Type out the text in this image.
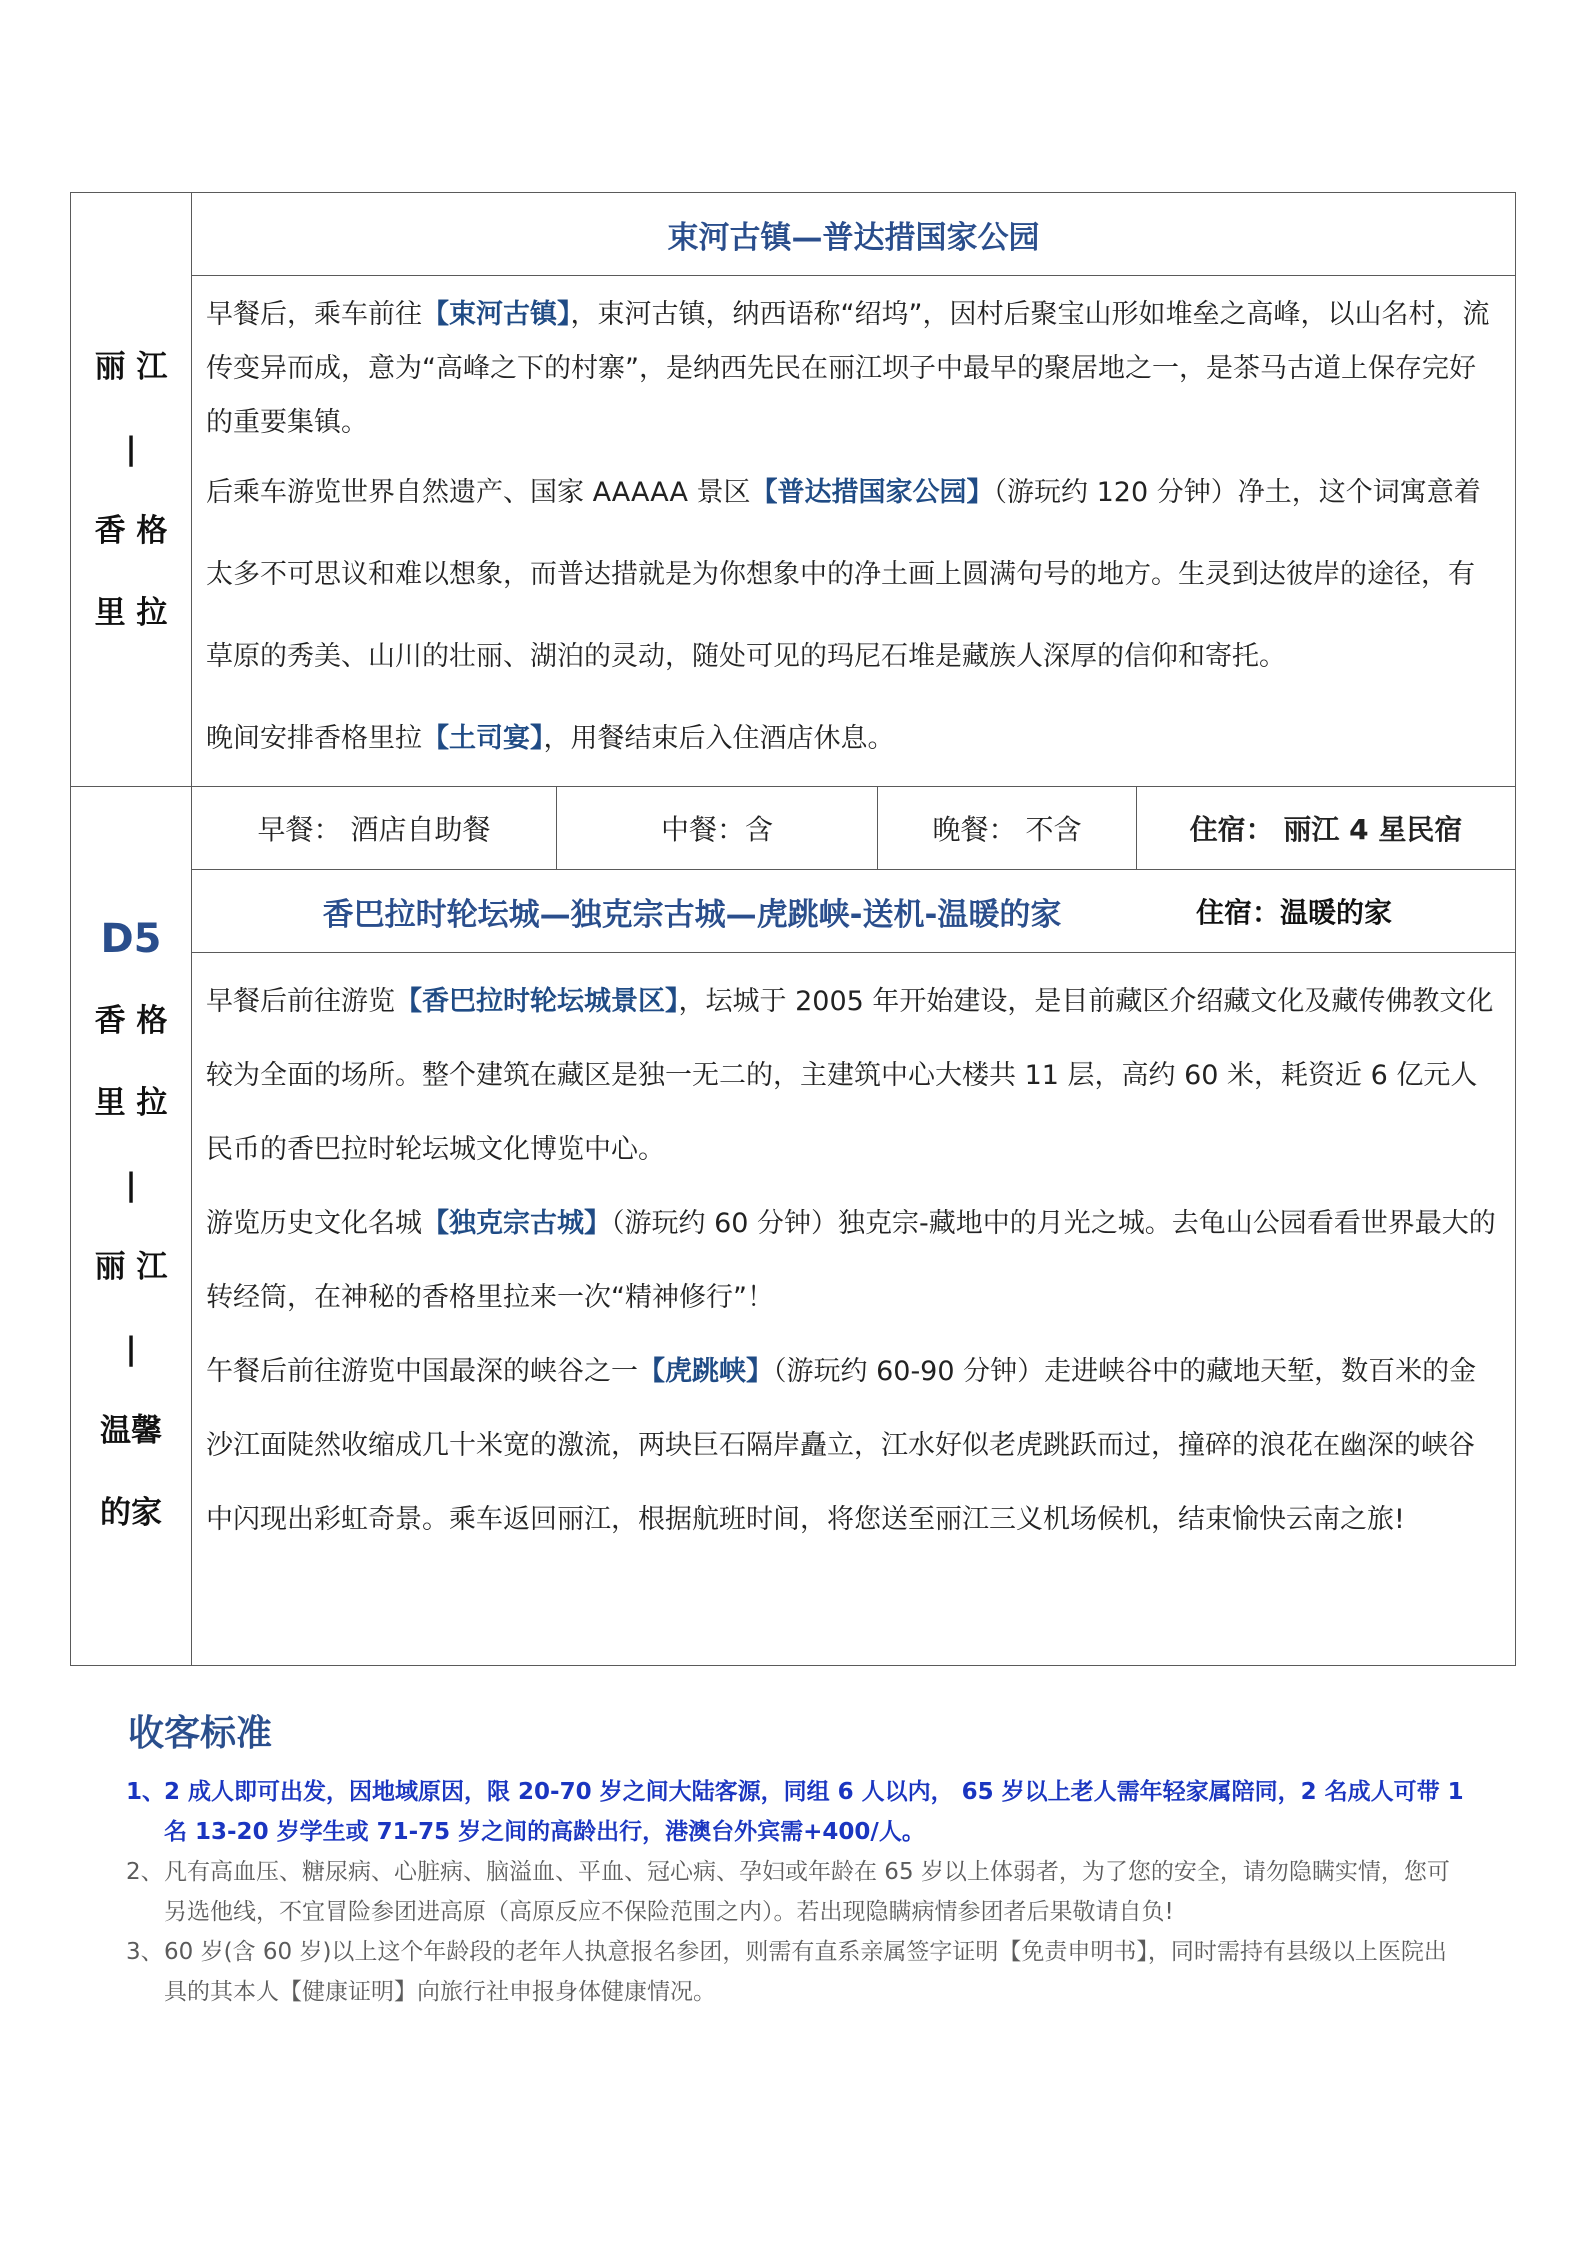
丽 江
|
香 格
里 拉
	束河古镇—普达措国家公园

早餐后，乘车前往【束河古镇】，束河古镇，纳西语称“绍坞”，因村后聚宝山形如堆垒之高峰，以山名村，流传变异而成，意为“高峰之下的村寨”，是纳西先民在丽江坝子中最早的聚居地之一，是茶马古道上保存完好的重要集镇。

后乘车游览世界自然遗产、国家 AAAAA 景区【普达措国家公园】（游玩约 120 分钟）净土，这个词寓意着太多不可思议和难以想象，而普达措就是为你想象中的净土画上圆满句号的地方。生灵到达彼岸的途径，有草原的秀美、山川的壮丽、湖泊的灵动，随处可见的玛尼石堆是藏族人深厚的信仰和寄托。

晚间安排香格里拉【土司宴】，用餐结束后入住酒店休息。

D5
香 格
里 拉
|
丽 江
|
温馨
的家

早餐： 酒店自助餐	中餐：含	晚餐： 不含	住宿： 丽江 4 星民宿

香巴拉时轮坛城—独克宗古城—虎跳峡-送机-温暖的家	住宿：温暖的家

早餐后前往游览【香巴拉时轮坛城景区】，坛城于 2005 年开始建设，是目前藏区介绍藏文化及藏传佛教文化较为全面的场所。整个建筑在藏区是独一无二的，主建筑中心大楼共 11 层，高约 60 米，耗资近 6 亿元人民币的香巴拉时轮坛城文化博览中心。

游览历史文化名城【独克宗古城】（游玩约 60 分钟）独克宗-藏地中的月光之城。去龟山公园看看世界最大的转经筒，在神秘的香格里拉来一次“精神修行”！

午餐后前往游览中国最深的峡谷之一【虎跳峡】（游玩约 60-90 分钟）走进峡谷中的藏地天堑，数百米的金沙江面陡然收缩成几十米宽的激流，两块巨石隔岸矗立，江水好似老虎跳跃而过，撞碎的浪花在幽深的峡谷中闪现出彩虹奇景。乘车返回丽江，根据航班时间，将您送至丽江三义机场候机，结束愉快云南之旅!

收客标准
1、2 成人即可出发，因地域原因，限 20-70 岁之间大陆客源，同组 6 人以内， 65 岁以上老人需年轻家属陪同，2 名成人可带 1 名 13-20 岁学生或 71-75 岁之间的高龄出行，港澳台外宾需+400/人。
2、凡有高血压、糖尿病、心脏病、脑溢血、平血、冠心病、孕妇或年龄在 65 岁以上体弱者，为了您的安全，请勿隐瞒实情，您可另选他线，不宜冒险参团进高原（高原反应不保险范围之内）。若出现隐瞒病情参团者后果敬请自负!
3、60 岁(含 60 岁)以上这个年龄段的老年人执意报名参团，则需有直系亲属签字证明【免责申明书】，同时需持有县级以上医院出具的其本人【健康证明】向旅行社申报身体健康情况。
